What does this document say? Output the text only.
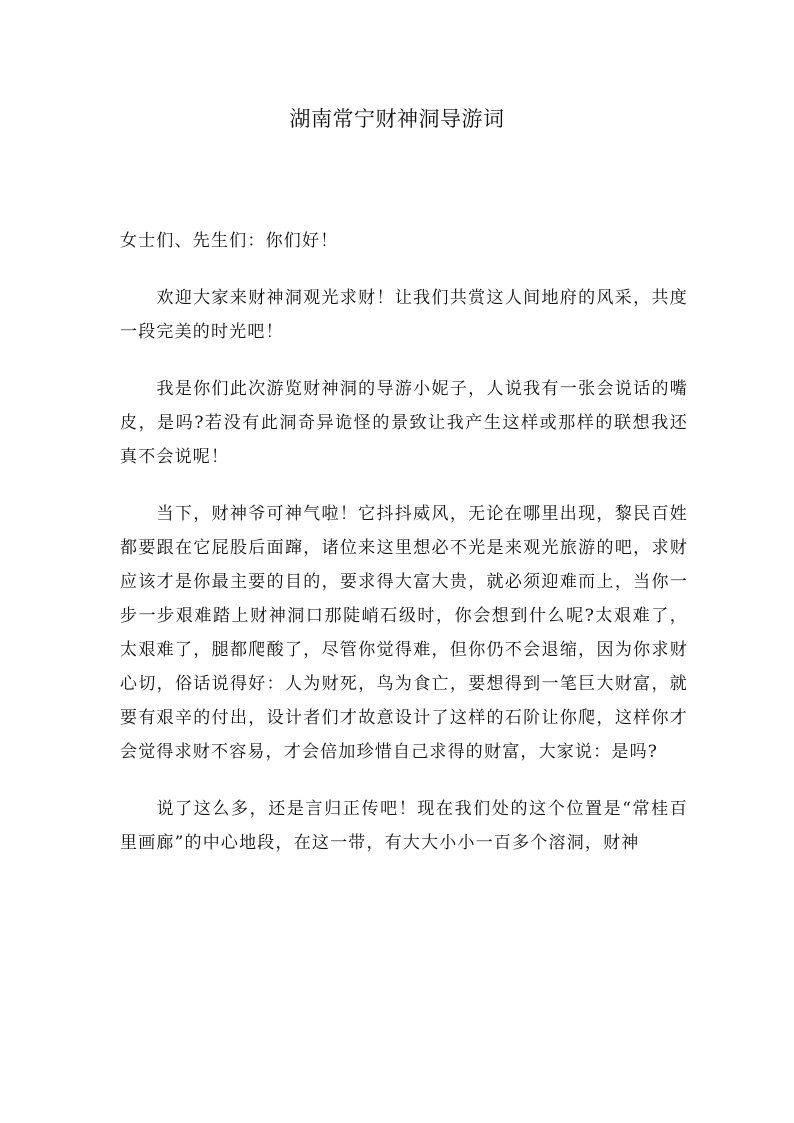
湖南常宁财神洞导游词

女士们、先生们：你们好！

欢迎大家来财神洞观光求财！让我们共赏这人间地府的风采，共度一段完美的时光吧！

我是你们此次游览财神洞的导游小妮子，人说我有一张会说话的嘴皮，是吗?若没有此洞奇异诡怪的景致让我产生这样或那样的联想我还真不会说呢！

当下，财神爷可神气啦！它抖抖威风，无论在哪里出现，黎民百姓都要跟在它屁股后面蹿，诸位来这里想必不光是来观光旅游的吧，求财应该才是你最主要的目的，要求得大富大贵，就必须迎难而上，当你一步一步艰难踏上财神洞口那陡峭石级时，你会想到什么呢?太艰难了，太艰难了，腿都爬酸了，尽管你觉得难，但你仍不会退缩，因为你求财心切，俗话说得好：人为财死，鸟为食亡，要想得到一笔巨大财富，就要有艰辛的付出，设计者们才故意设计了这样的石阶让你爬，这样你才会觉得求财不容易，才会倍加珍惜自己求得的财富，大家说：是吗?

说了这么多，还是言归正传吧！现在我们处的这个位置是“常桂百里画廊”的中心地段，在这一带，有大大小小一百多个溶洞，财神
